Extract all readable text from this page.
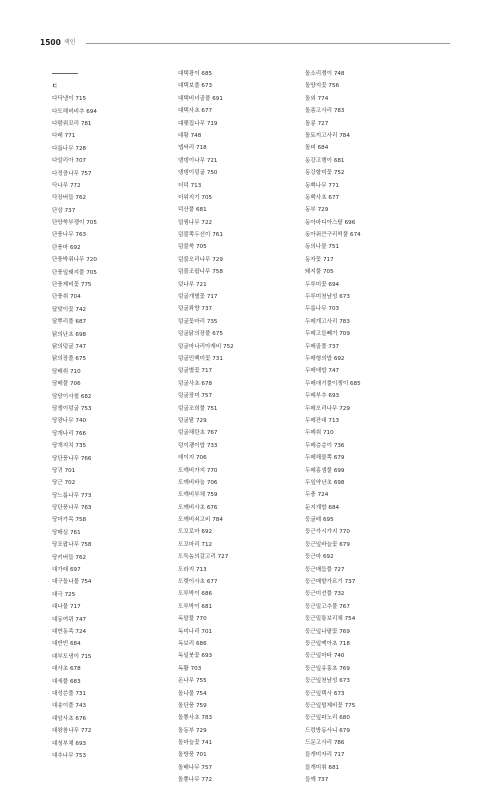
1500 색인
ㄷ
다닥냉이 715
다도해비비추 694
다람쥐꼬리 781
다래 771
다릅나무 728
다알리아 707
다정큼나무 757
닥나무 772
닥장버들 762
단삼 737
단양쑥부쟁이 705
단풍나무 763
단풍마 692
단풍박쥐나무 720
단풍잎돼지풀 705
단풍제비꽃 775
단풍취 704
달맞이꽃 742
달뿌리풀 687
닭의난초 698
닭의덩굴 747
닭의장풀 675
담배취 710
담배풀 706
담당이사철 682
담쟁이덩굴 753
당광나무 740
당개나리 766
당개지치 735
당단풍나무 766
당귀 701
당근 702
당느릅나무 773
당단풍나무 763
당마가목 758
당매실 761
당조팝나무 758
당키버들 762
대가래 697
대구돌나물 754
대극 725
대나물 717
대동여뀌 747
대반동족 724
대반빈 684
대부도냉이 715
대사초 678
대새풀 683
대성쓴풀 731
대송이풀 743
대암사초 676
대왕참나무 772
대청부채 693
대추나무 753
대택광이 685
대택보풀 673
대택비녀골풀 691
대택사초 677
대팻집나무 719
대황 748
댑싸리 718
댕댕이나무 721
댕댕이덩굴 750
더덕 713
더위지기 705
덕산풀 681
덜꿩나무 722
덤불쪽두선이 761
덤불쑥 705
덤불오리나무 729
덤불조팝나무 758
덧나무 721
덩굴개별꽃 717
덩굴꽈향 737
덩굴꽃마리 735
덩굴닭의장풀 675
덩굴마나리아재비 752
덩굴민백미꽃 731
덩굴별꽃 717
덩굴사초 678
덩굴장미 757
덩굴조희풀 751
덩굴팥 729
덩굴해란초 767
덩이괭이밥 733
데이지 706
도깨비가지 770
도깨비바늘 706
도깨비부채 759
도깨비사초 676
도깨비쇠고비 784
도꼬로마 692
도꼬마리 712
도둑놈의갈고리 727
도라지 713
도렛이사초 677
도루박이 686
도루박이 681
독말풀 770
독미나리 701
독보리 686
독일붓꽃 693
독활 703
돈나무 755
돌나물 754
돌단풍 759
돌뽕사초 783
돌동부 729
돌마늘꽃 741
돌방풍 701
돌배나무 757
돌뽕나무 772
돌소리쟁이 748
돌양지꽃 756
돌외 774
돌좀고사리 783
돌콩 727
돌토끼고사리 784
돌피 684
동강고랭이 681
동강할미꽃 752
동백나무 771
동백사초 677
동부 729
동아마디아스탈 696
동아쥐큰구리떡풀 674
동의나물 751
동자꽃 717
돼지풀 705
두루미꽃 694
두루미천남성 673
두릅나무 703
두메개고사리 783
두메고들빼기 709
두메골풀 737
두메형의밥 692
두메애밥 747
두메애기풀이쟁이 685
두메부추 693
두메오리나무 729
두메잔대 713
두메취 710
두메층층이 736
두메해물쪽 679
두메홍샘풀 699
두잎약난초 698
두충 724
둔지개밥 684
둥굴레 695
둥근가시가지 770
둥근잎바늘꽃 679
둥근마 692
둥근매듭풀 727
둥근매밭가르기 737
둥근미선풀 732
둥근밀고추풀 767
둥근밀통보리채 754
둥근잎나팔꽃 769
둥근잎맥아초 718
둥근잎마타 740
둥근잎유홍초 769
둥근잎천남성 673
둥근잎택사 673
둥근잎털제비꽃 775
둥근잎파노리 680
드렁방동사니 679
드문고사리 786
들개미자리 717
들개미취 681
들깨 737
